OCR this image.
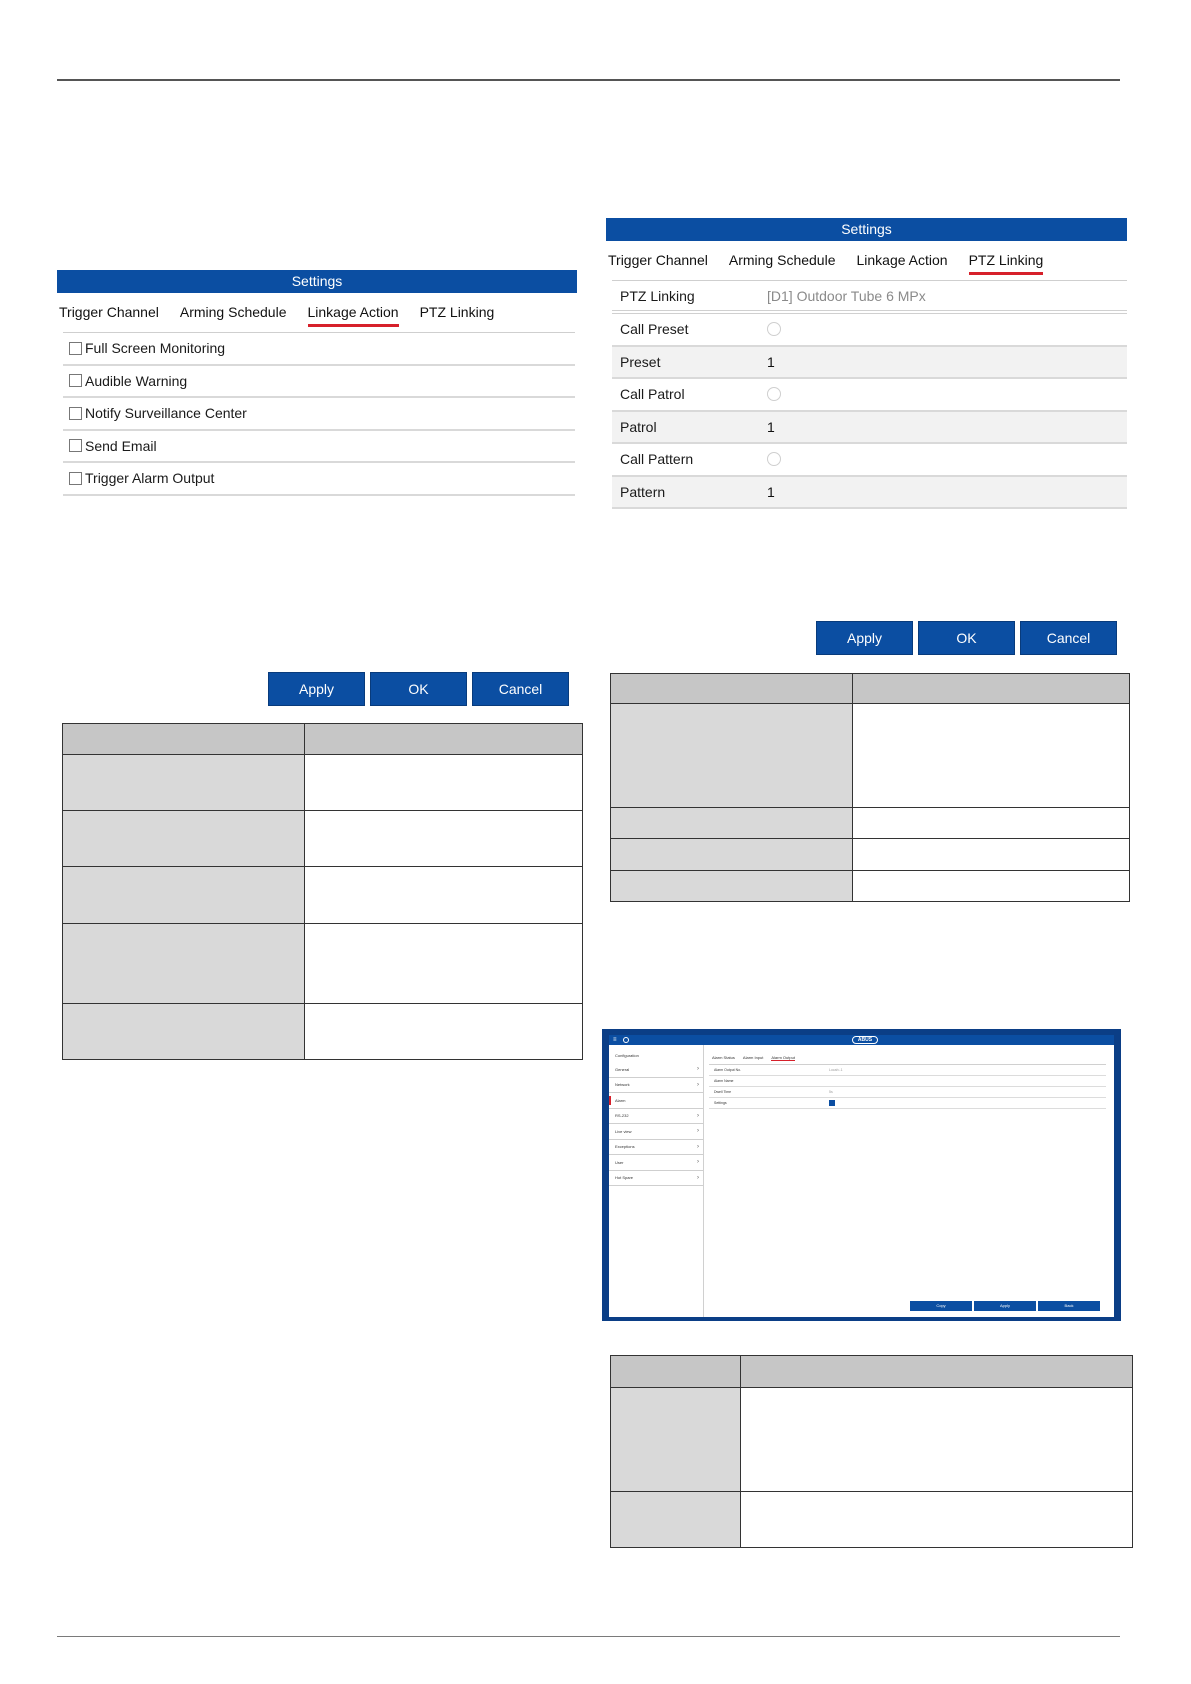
Settings
Trigger Channel Arming Schedule Linkage Action PTZ Linking
Full Screen Monitoring
Audible Warning
Notify Surveillance Center
Send Email
Trigger Alarm Output
Apply	OK	Cancel

Settings
Trigger Channel Arming Schedule Linkage Action PTZ Linking
PTZ Linking	[D1] Outdoor Tube 6 MPx
Call Preset
Preset	1
Call Patrol
Patrol	1
Call Pattern
Pattern	1
Apply	OK	Cancel

≡	ABUS
Configuration
General	›
Network	›
Alarm
RS-232	›
Live view	›
Exceptions	›
User	›
Hot Spare	›
Alarm Status Alarm Input Alarm Output
Alarm Output No.	Local<-1
Alarm Name
Dwell Time	5s
Settings
Copy	Apply	Back
